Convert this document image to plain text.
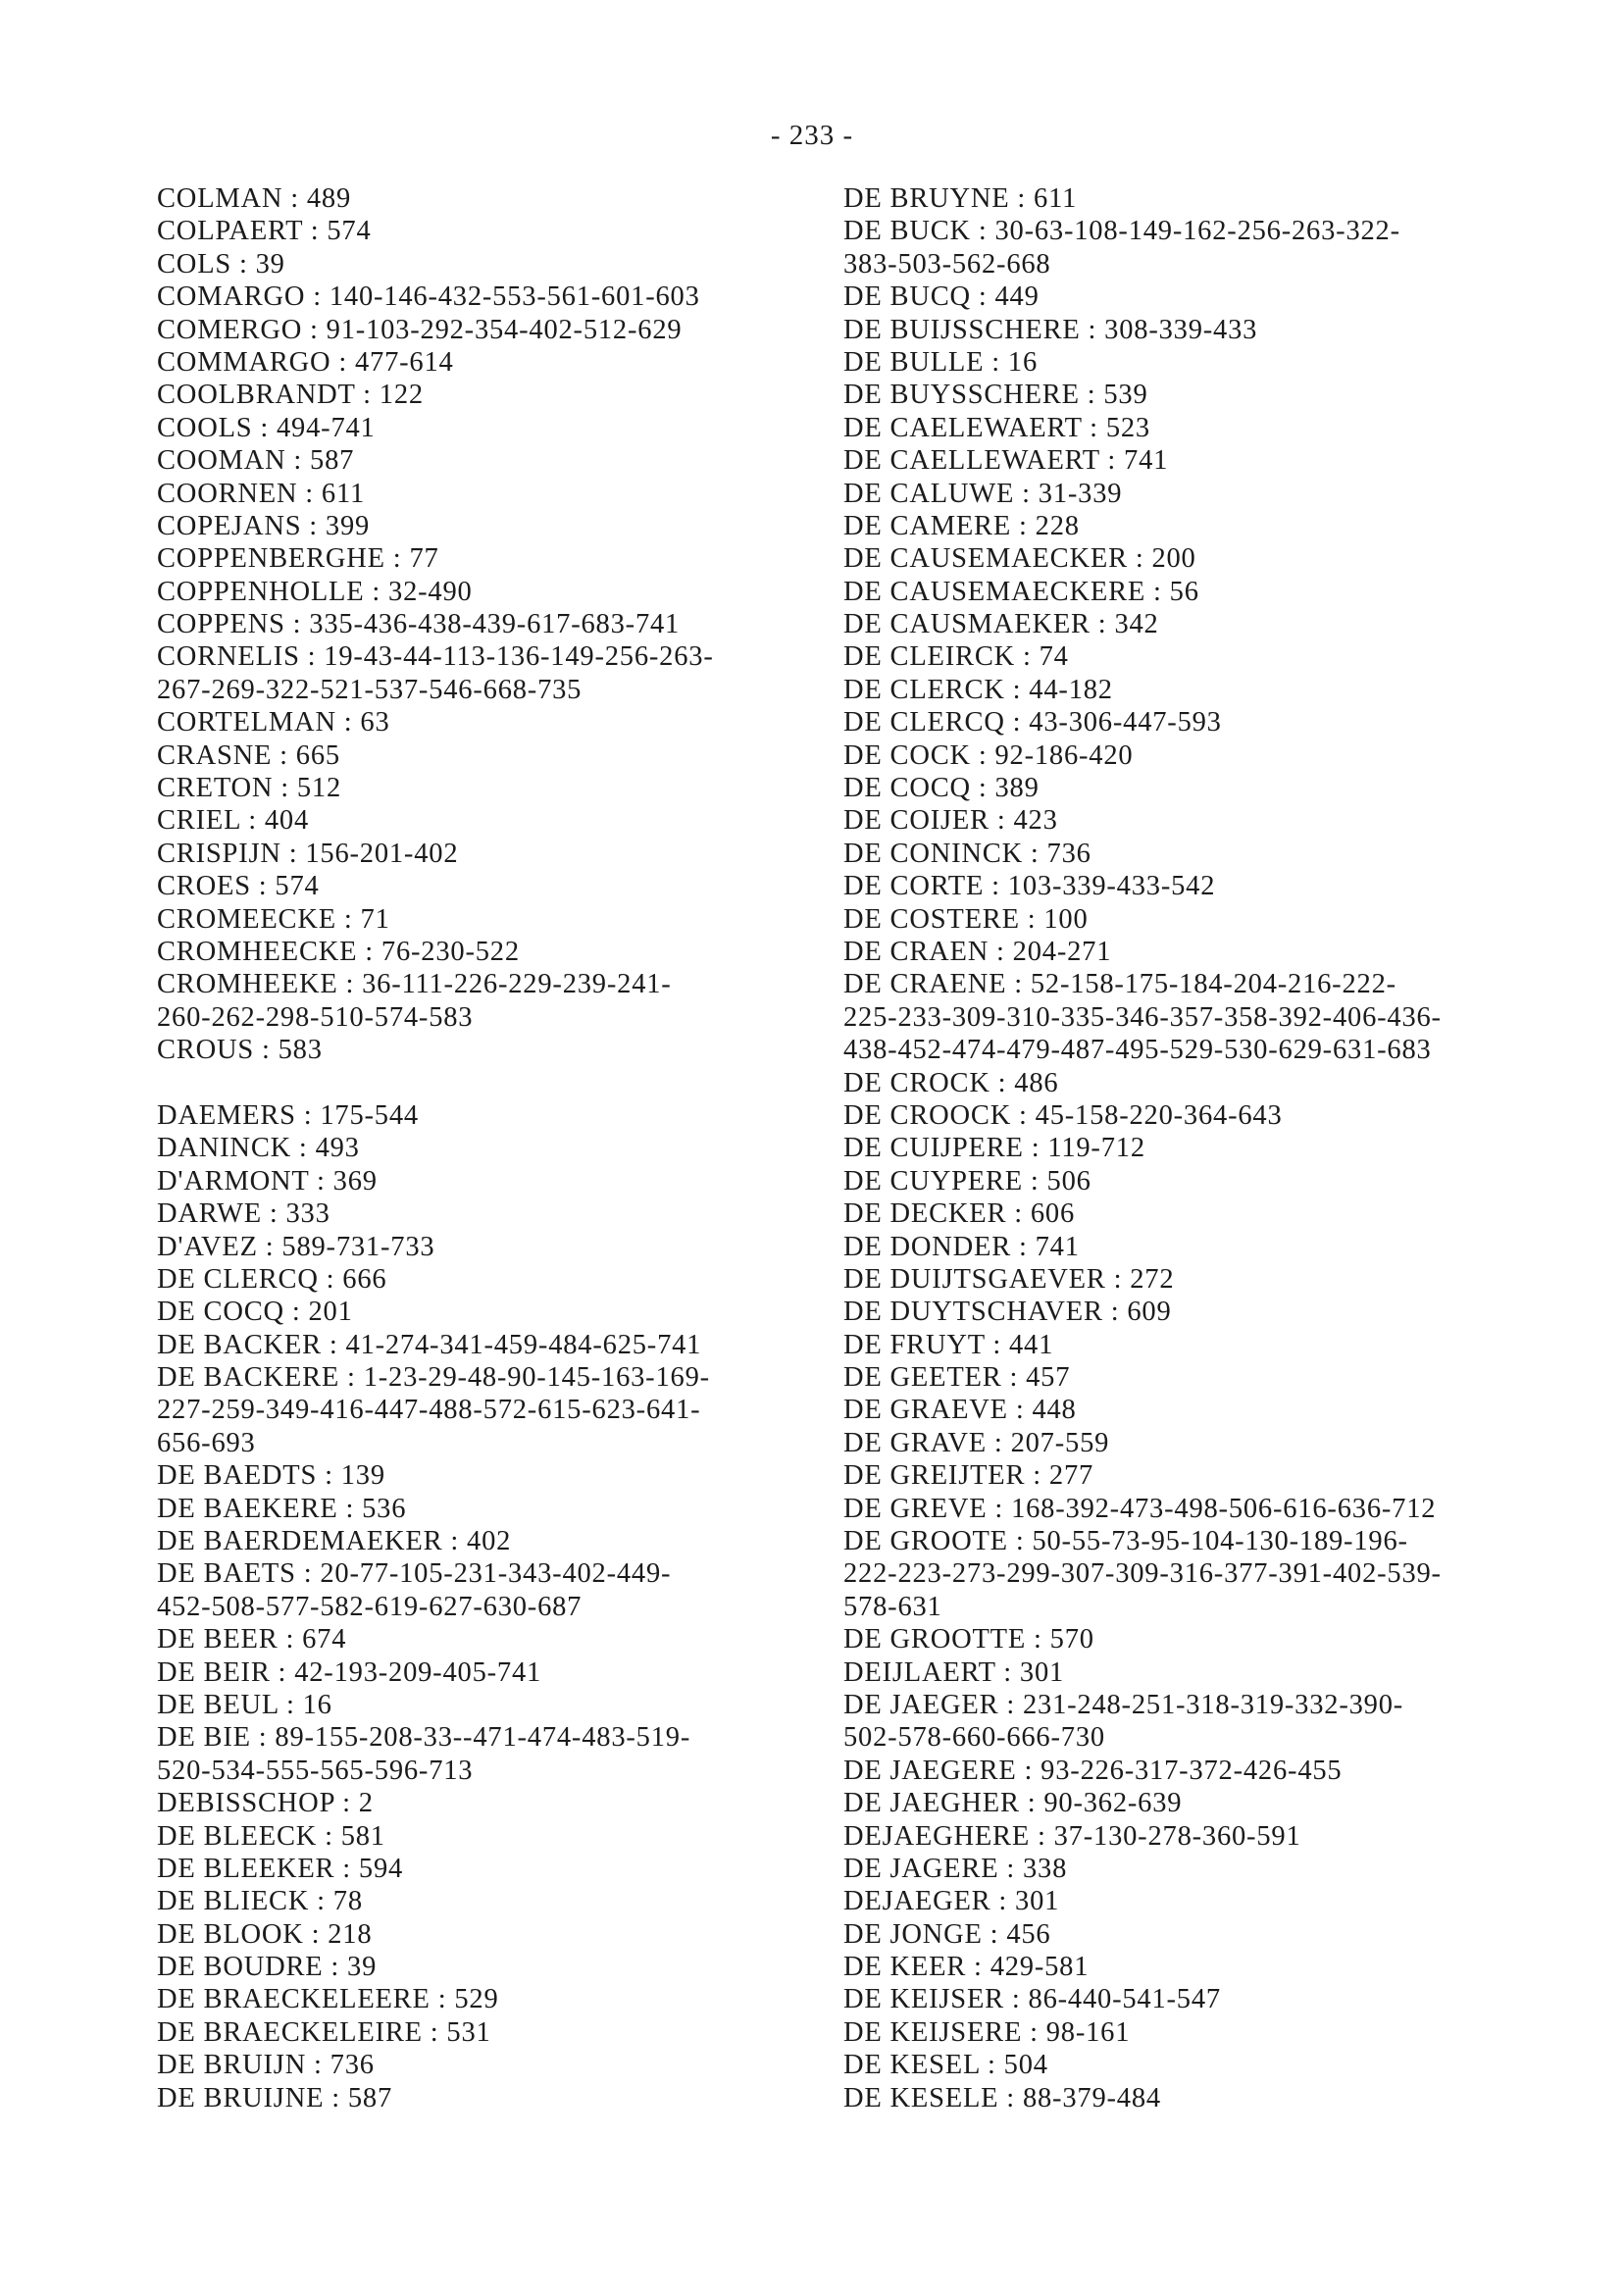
- 233 -
COLMAN : 489
COLPAERT : 574
COLS : 39
COMARGO : 140-146-432-553-561-601-603
COMERGO : 91-103-292-354-402-512-629
COMMARGO : 477-614
COOLBRANDT : 122
COOLS : 494-741
COOMAN : 587
COORNEN : 611
COPEJANS : 399
COPPENBERGHE : 77
COPPENHOLLE : 32-490
COPPENS : 335-436-438-439-617-683-741
CORNELIS : 19-43-44-113-136-149-256-263-
267-269-322-521-537-546-668-735
CORTELMAN : 63
CRASNE : 665
CRETON : 512
CRIEL : 404
CRISPIJN : 156-201-402
CROES : 574
CROMEECKE : 71
CROMHEECKE : 76-230-522
CROMHEEKE : 36-111-226-229-239-241-
260-262-298-510-574-583
CROUS : 583
DAEMERS : 175-544
DANINCK : 493
D'ARMONT : 369
DARWE : 333
D'AVEZ : 589-731-733
DE CLERCQ : 666
DE COCQ : 201
DE BACKER : 41-274-341-459-484-625-741
DE BACKERE : 1-23-29-48-90-145-163-169-
227-259-349-416-447-488-572-615-623-641-
656-693
DE BAEDTS : 139
DE BAEKERE : 536
DE BAERDEMAEKER : 402
DE BAETS : 20-77-105-231-343-402-449-
452-508-577-582-619-627-630-687
DE BEER : 674
DE BEIR : 42-193-209-405-741
DE BEUL : 16
DE BIE : 89-155-208-33--471-474-483-519-
520-534-555-565-596-713
DEBISSCHOP : 2
DE BLEECK : 581
DE BLEEKER : 594
DE BLIECK : 78
DE BLOOK : 218
DE BOUDRE : 39
DE BRAECKELEERE : 529
DE BRAECKELEIRE : 531
DE BRUIJN : 736
DE BRUIJNE : 587
DE BRUYNE : 611
DE BUCK : 30-63-108-149-162-256-263-322-
383-503-562-668
DE BUCQ : 449
DE BUIJSSCHERE : 308-339-433
DE BULLE : 16
DE BUYSSCHERE : 539
DE CAELEWAERT : 523
DE CAELLEWAERT : 741
DE CALUWE : 31-339
DE CAMERE : 228
DE CAUSEMAECKER : 200
DE CAUSEMAECKERE : 56
DE CAUSMAEKER : 342
DE CLEIRCK : 74
DE CLERCK : 44-182
DE CLERCQ : 43-306-447-593
DE COCK : 92-186-420
DE COCQ : 389
DE COIJER : 423
DE CONINCK : 736
DE CORTE : 103-339-433-542
DE COSTERE : 100
DE CRAEN : 204-271
DE CRAENE : 52-158-175-184-204-216-222-
225-233-309-310-335-346-357-358-392-406-436-
438-452-474-479-487-495-529-530-629-631-683
DE CROCK : 486
DE CROOCK : 45-158-220-364-643
DE CUIJPERE : 119-712
DE CUYPERE : 506
DE DECKER : 606
DE DONDER : 741
DE DUIJTSGAEVER : 272
DE DUYTSCHAVER : 609
DE FRUYT : 441
DE GEETER : 457
DE GRAEVE : 448
DE GRAVE : 207-559
DE GREIJTER : 277
DE GREVE : 168-392-473-498-506-616-636-712
DE GROOTE : 50-55-73-95-104-130-189-196-
222-223-273-299-307-309-316-377-391-402-539-
578-631
DE GROOTTE : 570
DEIJLAERT : 301
DE JAEGER : 231-248-251-318-319-332-390-
502-578-660-666-730
DE JAEGERE : 93-226-317-372-426-455
DE JAEGHER : 90-362-639
DEJAEGHERE : 37-130-278-360-591
DE JAGERE : 338
DEJAEGER : 301
DE JONGE : 456
DE KEER : 429-581
DE KEIJSER : 86-440-541-547
DE KEIJSERE : 98-161
DE KESEL : 504
DE KESELE : 88-379-484
